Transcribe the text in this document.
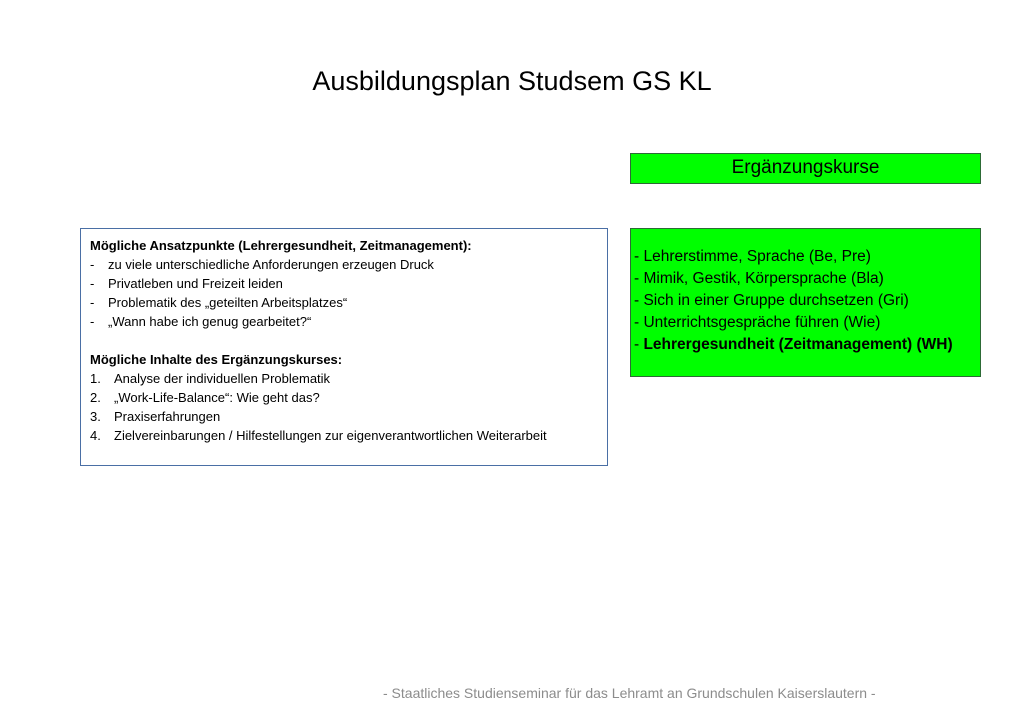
Ausbildungsplan Studsem GS KL
Ergänzungskurse
Mögliche Ansatzpunkte (Lehrergesundheit, Zeitmanagement):
-	zu viele unterschiedliche Anforderungen erzeugen Druck
-	Privatleben und Freizeit leiden
-	Problematik des „geteilten Arbeitsplatzes“
-	„Wann habe ich genug gearbeitet?“
Mögliche Inhalte des Ergänzungskurses:
1.	Analyse der individuellen Problematik
2.	„Work-Life-Balance“: Wie geht das?
3.	Praxiserfahrungen
4.	Zielvereinbarungen / Hilfestellungen zur eigenverantwortlichen Weiterarbeit
- Lehrerstimme, Sprache (Be, Pre)
- Mimik, Gestik, Körpersprache (Bla)
- Sich in einer Gruppe durchsetzen (Gri)
- Unterrichtsgespräche führen (Wie)
- Lehrergesundheit (Zeitmanagement) (WH)
- Staatliches Studienseminar für das Lehramt an Grundschulen Kaiserslautern -
